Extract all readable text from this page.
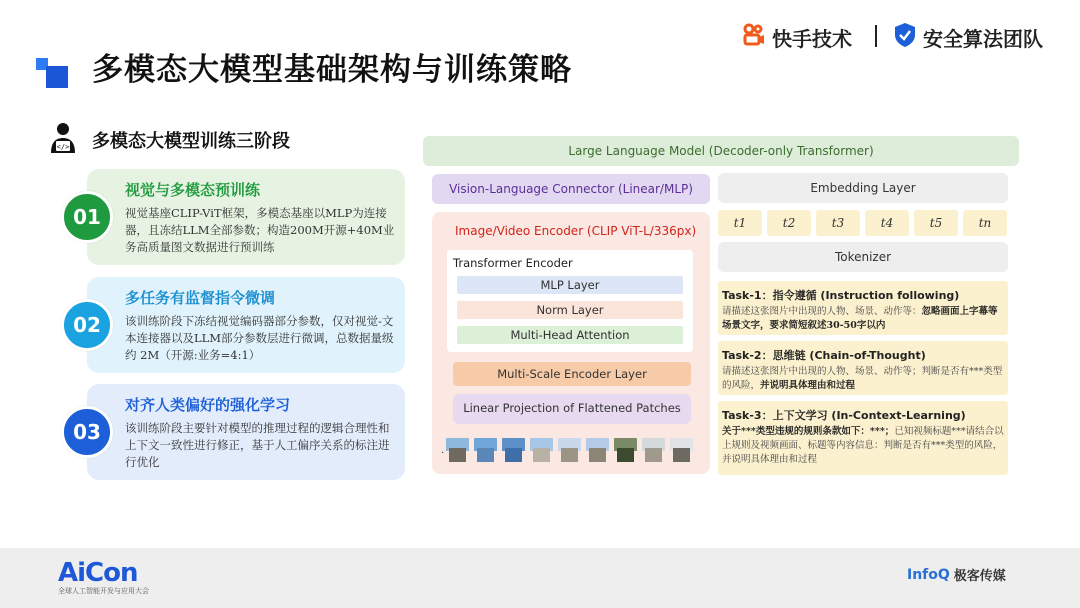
多模态大模型基础架构与训练策略
快手技术	安全算法团队
</> 多模态大模型训练三阶段
视觉与多模态预训练
视觉基座CLIP-ViT框架，多模态基座以MLP为连接器，且冻结LLM全部参数；构造200M开源+40M业务高质量图文数据进行预训练
01
多任务有监督指令微调
该训练阶段下冻结视觉编码器部分参数，仅对视觉-文本连接器以及LLM部分参数层进行微调，总数据量级约 2M（开源:业务=4:1）
02
对齐人类偏好的强化学习
该训练阶段主要针对模型的推理过程的逻辑合理性和上下文一致性进行修正，基于人工偏序关系的标注进行优化
03
Large Language Model (Decoder-only Transformer)
Vision-Language Connector (Linear/MLP)
Image/Video Encoder (CLIP ViT-L/336px)
Transformer Encoder
MLP Layer
Norm Layer
Multi-Head Attention
Multi-Scale Encoder Layer
Linear Projection of Flattened Patches
·
Embedding Layer
t1	t2	t3	t4	t5	tn
Tokenizer
Task-1：指令遵循 (Instruction following)
请描述这张图片中出现的人物、场景、动作等：忽略画面上字幕等场景文字，要求简短叙述30-50字以内
Task-2：思维链 (Chain-of-Thought)
请描述这张图片中出现的人物、场景、动作等；判断是否有***类型的风险，并说明具体理由和过程
Task-3：上下文学习 (In-Context-Learning)
关于***类型违规的规则条款如下：***；已知视频标题***请结合以上规则及视频画面、标题等内容信息：判断是否有***类型的风险，并说明具体理由和过程
AiCon
全球人工智能开发与应用大会
InfoQ 极客传媒
